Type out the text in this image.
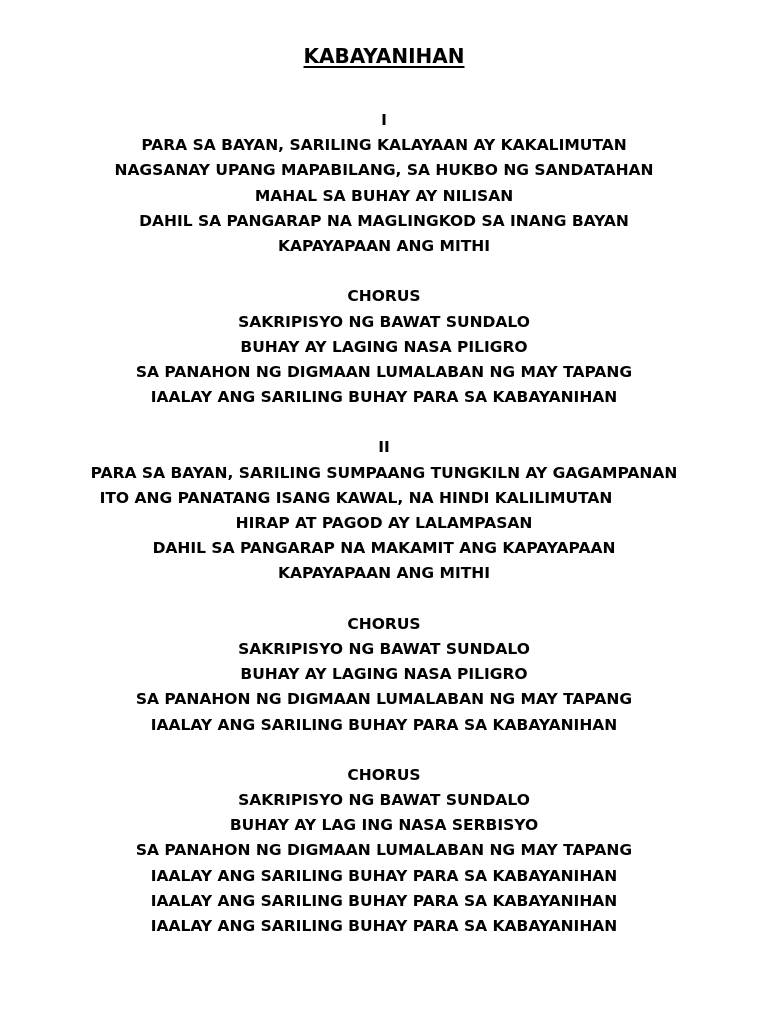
KABAYANIHAN
I
PARA SA BAYAN, SARILING KALAYAAN AY KAKALIMUTAN
NAGSANAY UPANG MAPABILANG, SA HUKBO NG SANDATAHAN
MAHAL SA BUHAY AY NILISAN
DAHIL SA PANGARAP NA MAGLINGKOD SA INANG BAYAN
KAPAYAPAAN ANG MITHI
CHORUS
SAKRIPISYO NG BAWAT SUNDALO
BUHAY AY LAGING NASA PILIGRO
SA PANAHON NG DIGMAAN LUMALABAN NG MAY TAPANG
IAALAY ANG SARILING BUHAY PARA SA KABAYANIHAN
II
PARA SA BAYAN, SARILING SUMPAANG TUNGKILN AY GAGAMPANAN
ITO ANG PANATANG ISANG KAWAL, NA HINDI KALILIMUTAN
HIRAP AT PAGOD AY LALAMPASAN
DAHIL SA PANGARAP NA MAKAMIT ANG KAPAYAPAAN
KAPAYAPAAN ANG MITHI
CHORUS
SAKRIPISYO NG BAWAT SUNDALO
BUHAY AY LAGING NASA PILIGRO
SA PANAHON NG DIGMAAN LUMALABAN NG MAY TAPANG
IAALAY ANG SARILING BUHAY PARA SA KABAYANIHAN
CHORUS
SAKRIPISYO NG BAWAT SUNDALO
BUHAY AY LAG ING NASA SERBISYO
SA PANAHON NG DIGMAAN LUMALABAN NG MAY TAPANG
IAALAY ANG SARILING BUHAY PARA SA KABAYANIHAN
IAALAY ANG SARILING BUHAY PARA SA KABAYANIHAN
IAALAY ANG SARILING BUHAY PARA SA KABAYANIHAN
